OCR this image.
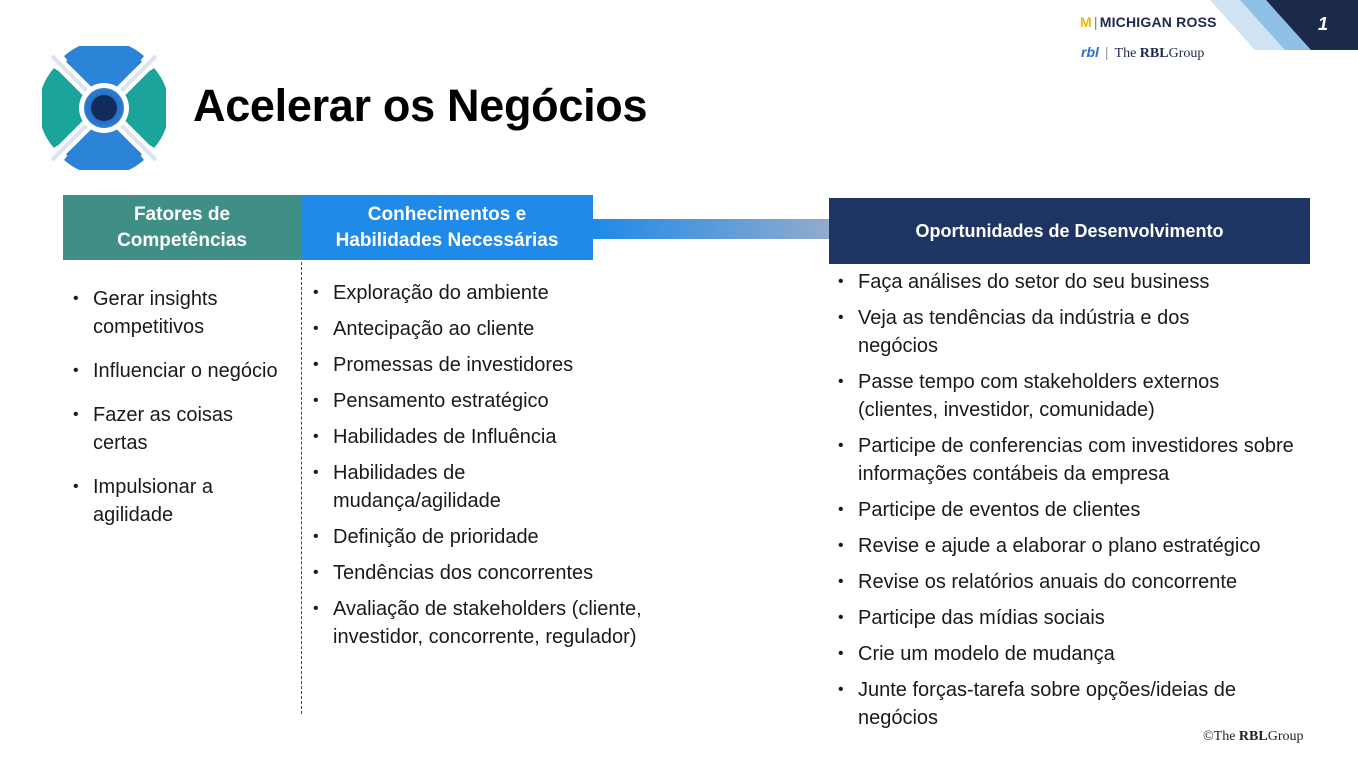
1
M | MICHIGAN ROSS
rbl | The RBLGroup
Acelerar os Negócios
Fatores de
Competências
Conhecimentos e
Habilidades Necessárias	Oportunidades de Desenvolvimento
• Gerar insights competitivos
• Influenciar o negócio
• Fazer as coisas certas
• Impulsionar a agilidade
• Exploração do ambiente
• Antecipação ao cliente
• Promessas de investidores
• Pensamento estratégico
• Habilidades de Influência
• Habilidades de mudança/agilidade
• Definição de prioridade
• Tendências dos concorrentes
• Avaliação de stakeholders (cliente, investidor, concorrente, regulador)
• Faça análises do setor do seu business
• Veja as tendências da indústria e dos negócios
• Passe tempo com stakeholders externos (clientes, investidor, comunidade)
• Participe de conferencias com investidores sobre informações contábeis da empresa
• Participe de eventos de clientes
• Revise e ajude a elaborar o plano estratégico
• Revise os relatórios anuais do concorrente
• Participe das mídias sociais
• Crie um modelo de mudança
• Junte forças-tarefa sobre opções/ideias de negócios
©The RBLGroup
